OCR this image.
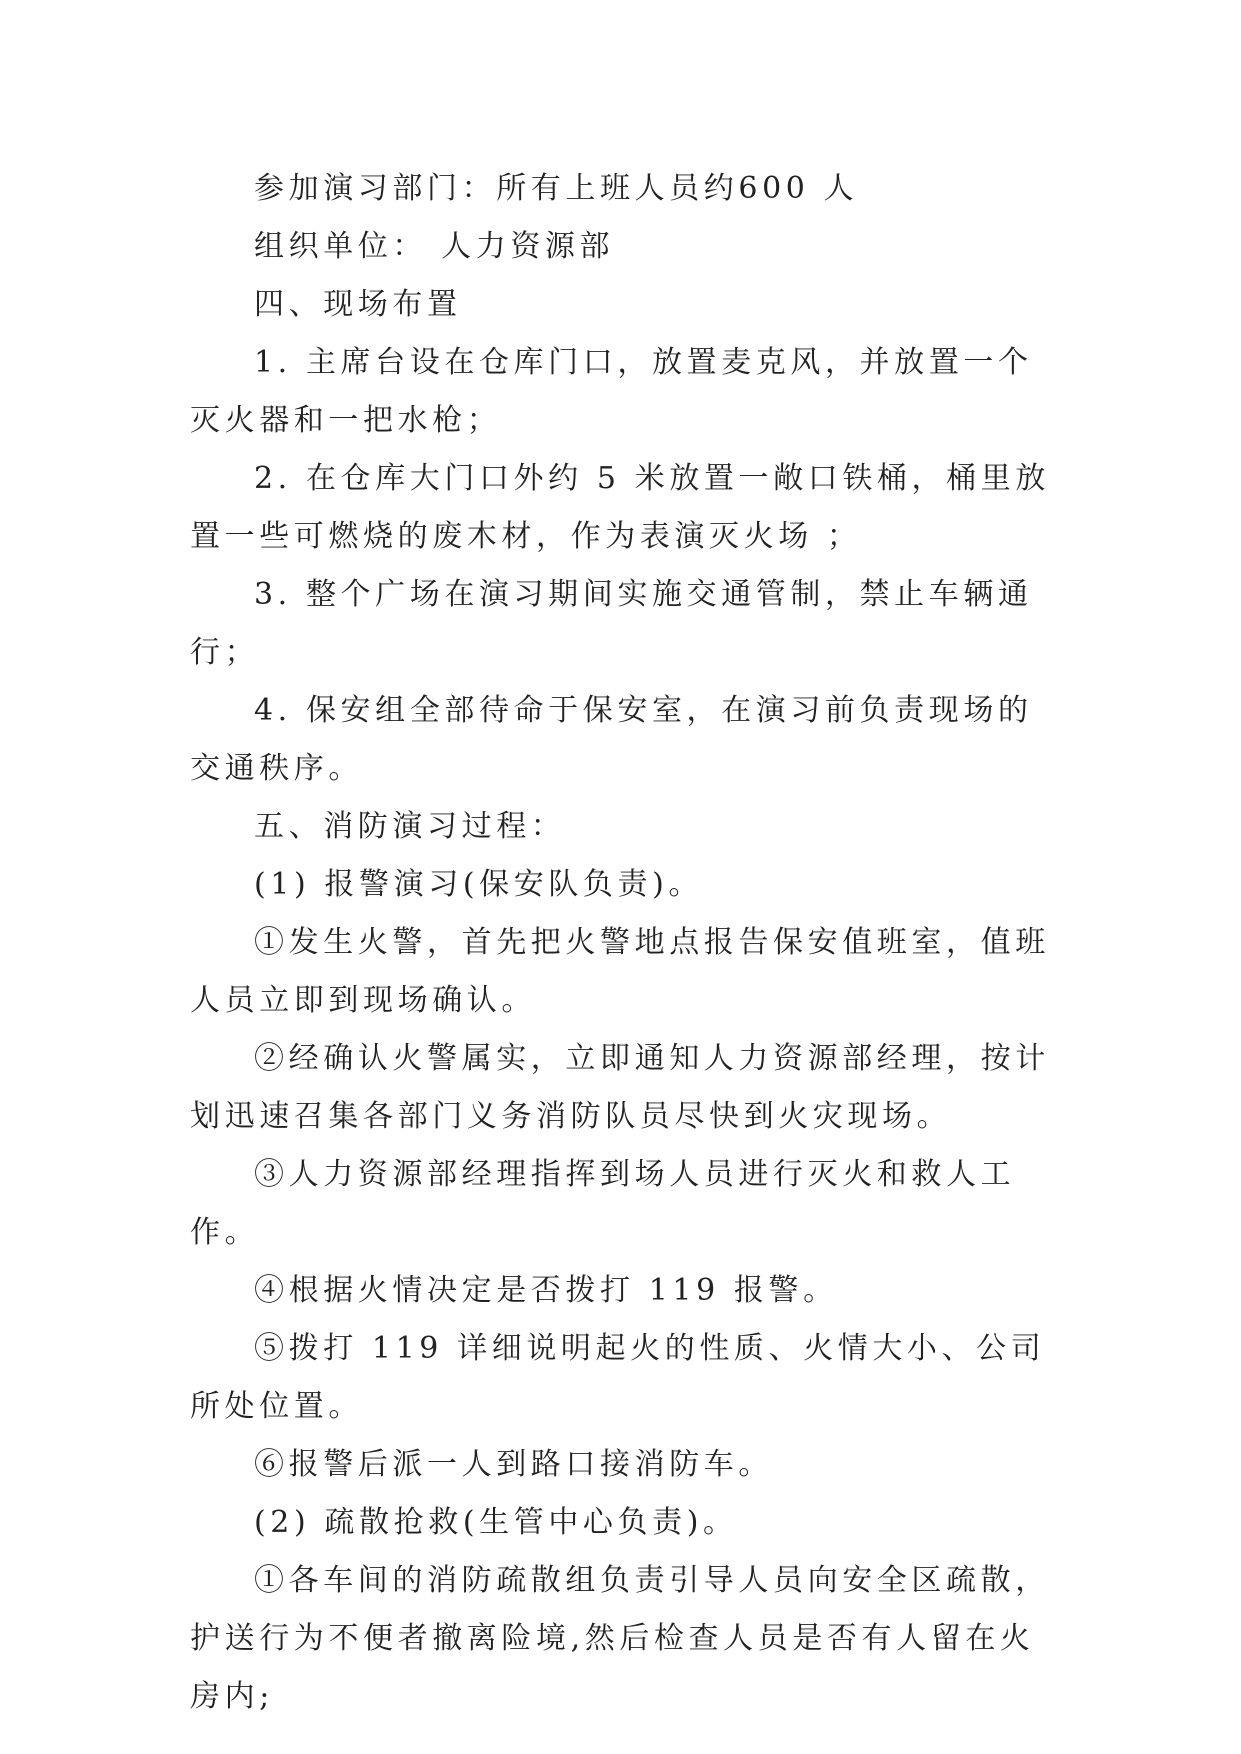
参加演习部门：所有上班人员约600 人

组织单位： 人力资源部

四、现场布置

1. 主席台设在仓库门口，放置麦克风，并放置一个灭火器和一把水枪；

2. 在仓库大门口外约 5 米放置一敞口铁桶，桶里放置一些可燃烧的废木材，作为表演灭火场 ；

3. 整个广场在演习期间实施交通管制，禁止车辆通行；

4. 保安组全部待命于保安室，在演习前负责现场的交通秩序。

五、消防演习过程：

(1) 报警演习(保安队负责)。

①发生火警，首先把火警地点报告保安值班室，值班人员立即到现场确认。

②经确认火警属实，立即通知人力资源部经理，按计划迅速召集各部门义务消防队员尽快到火灾现场。

③人力资源部经理指挥到场人员进行灭火和救人工作。

④根据火情决定是否拨打 119 报警。

⑤拨打 119 详细说明起火的性质、火情大小、公司所处位置。

⑥报警后派一人到路口接消防车。

(2) 疏散抢救(生管中心负责)。

①各车间的消防疏散组负责引导人员向安全区疏散，护送行为不便者撤离险境,然后检查人员是否有人留在火房内;
